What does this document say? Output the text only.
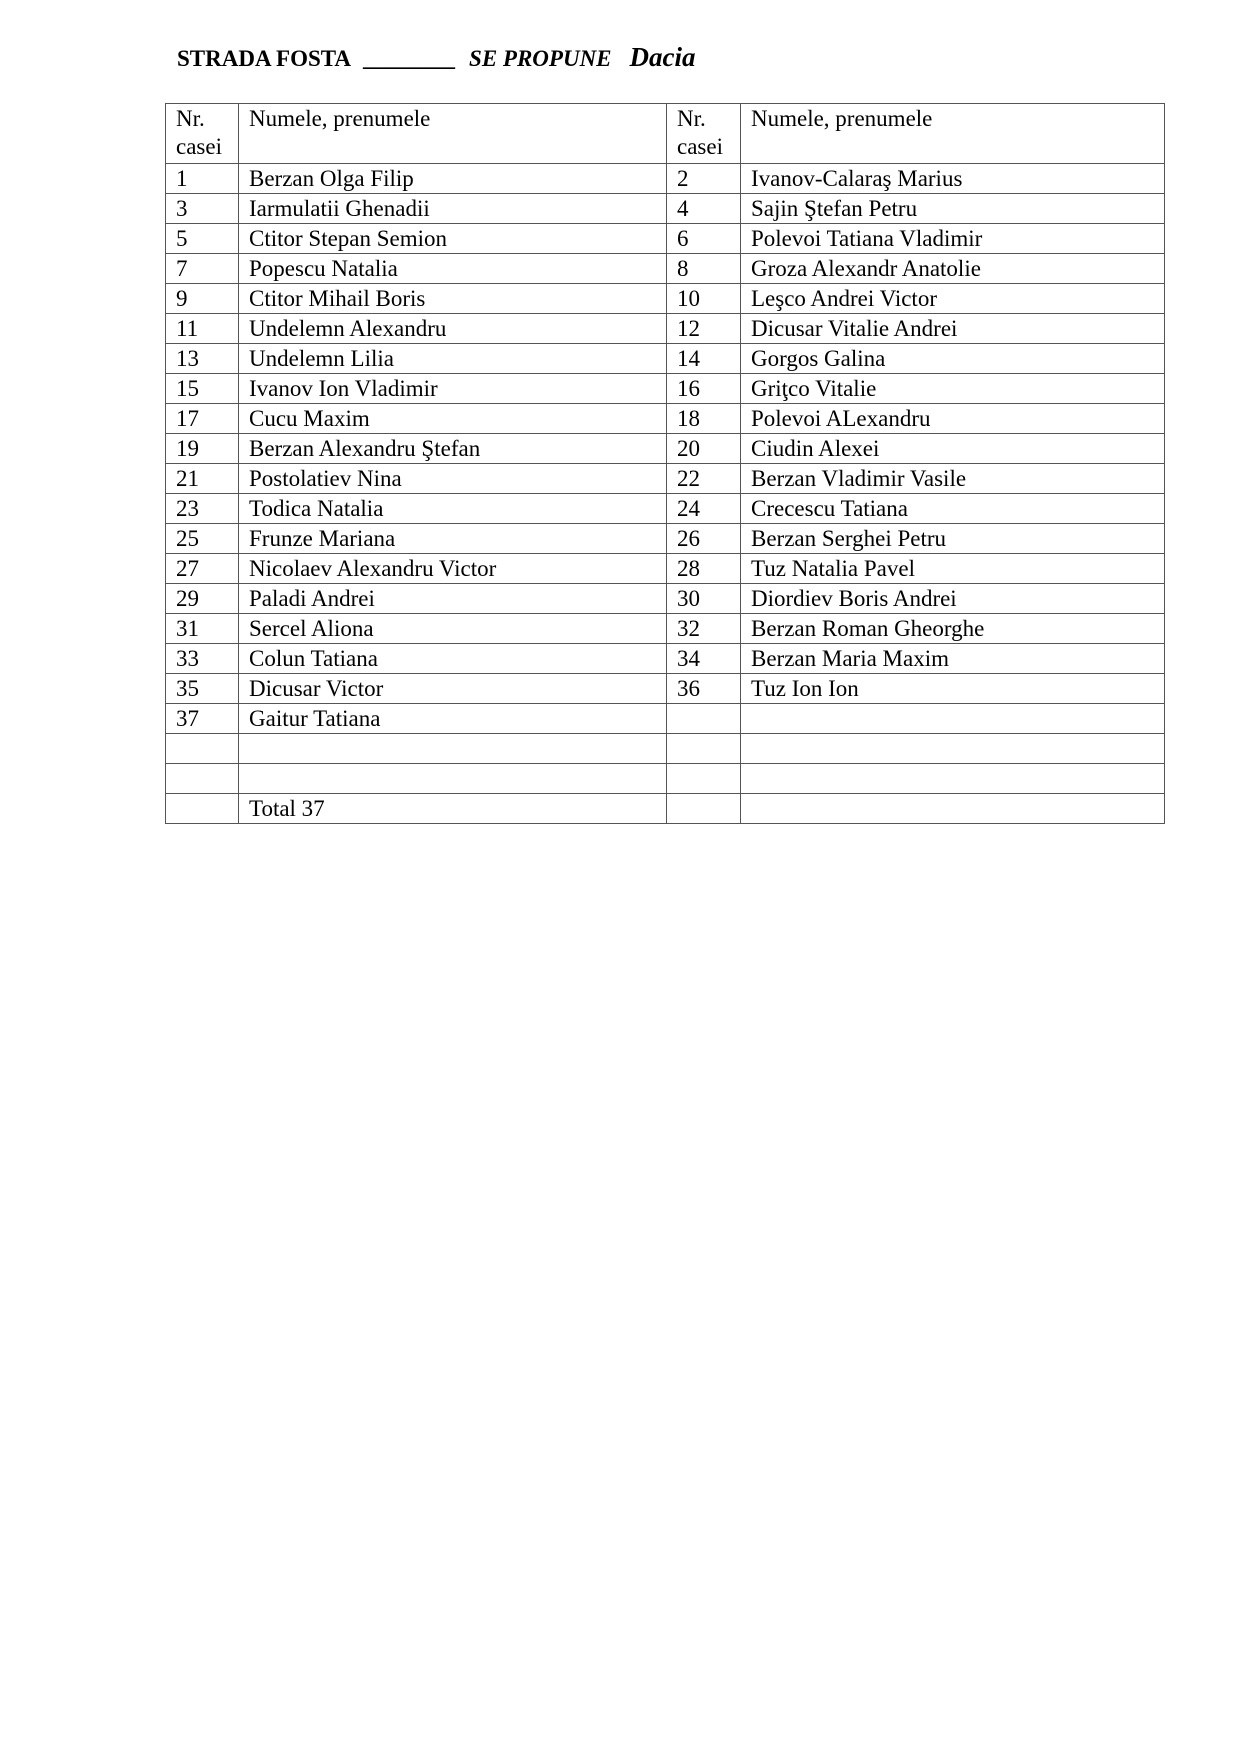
STRADA FOSTA ________ SE PROPUNE Dacia
Nr. casei	Numele, prenumele	Nr. casei	Numele, prenumele
1	Berzan Olga Filip	2	Ivanov-Calaraş Marius
3	Iarmulatii Ghenadii	4	Sajin Ştefan Petru
5	Ctitor Stepan Semion	6	Polevoi Tatiana Vladimir
7	Popescu Natalia	8	Groza Alexandr Anatolie
9	Ctitor Mihail Boris	10	Leşco Andrei Victor
11	Undelemn Alexandru	12	Dicusar Vitalie Andrei
13	Undelemn Lilia	14	Gorgos Galina
15	Ivanov Ion Vladimir	16	Griţco Vitalie
17	Cucu Maxim	18	Polevoi ALexandru
19	Berzan Alexandru Ştefan	20	Ciudin Alexei
21	Postolatiev Nina	22	Berzan Vladimir Vasile
23	Todica Natalia	24	Crecescu Tatiana
25	Frunze Mariana	26	Berzan Serghei Petru
27	Nicolaev Alexandru Victor	28	Tuz Natalia Pavel
29	Paladi Andrei	30	Diordiev Boris Andrei
31	Sercel Aliona	32	Berzan Roman Gheorghe
33	Colun Tatiana	34	Berzan Maria Maxim
35	Dicusar Victor	36	Tuz Ion Ion
37	Gaitur Tatiana		

	Total 37		
